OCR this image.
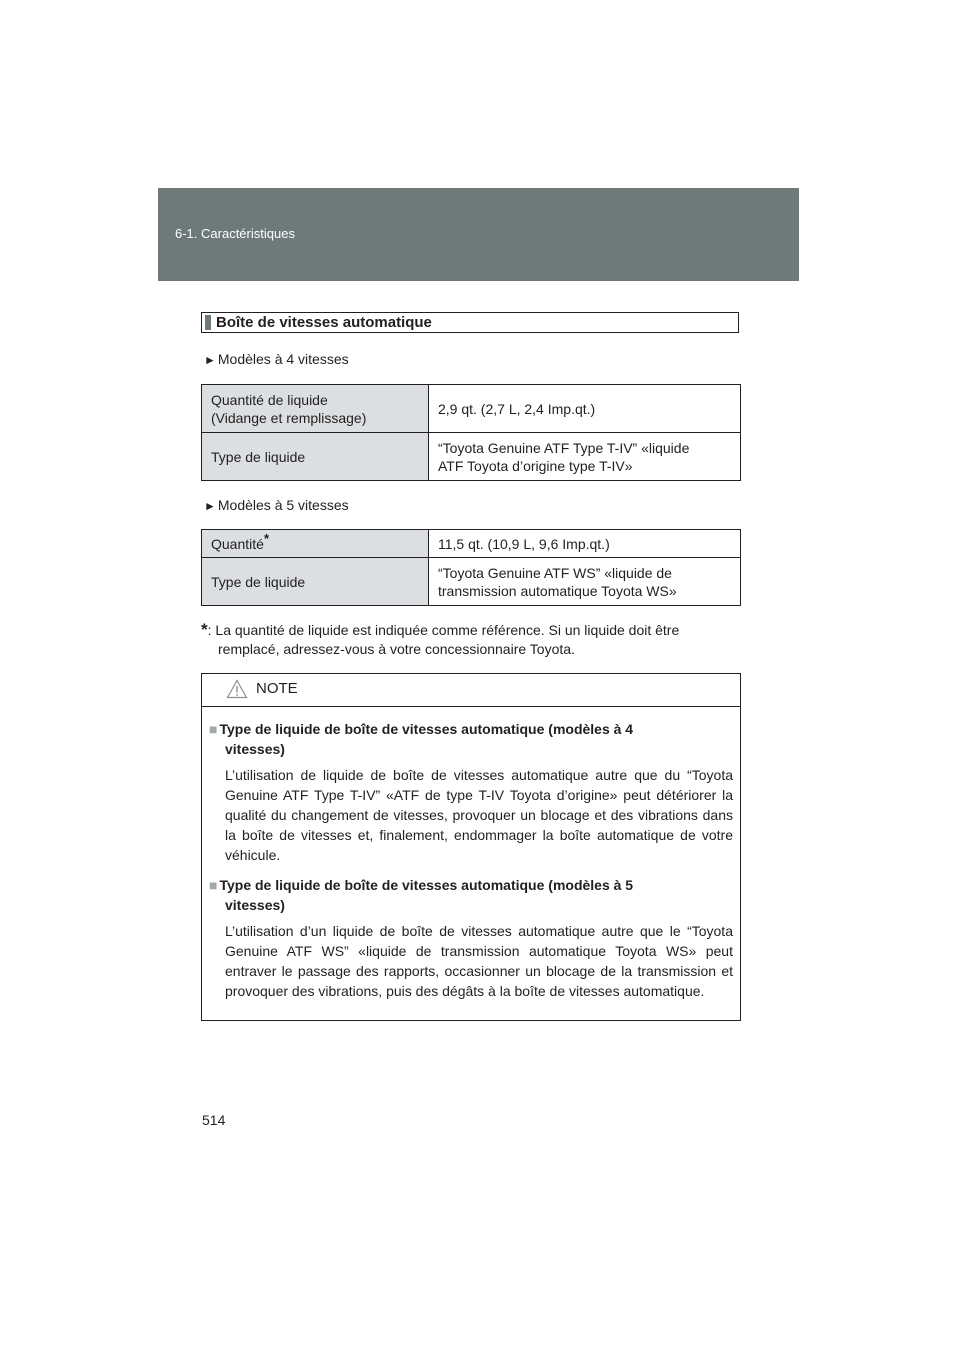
6-1. Caractéristiques
Boîte de vitesses automatique
► Modèles à 4 vitesses
Quantité de liquide
(Vidange et remplissage)	2,9 qt. (2,7 L, 2,4 Imp.qt.)
Type de liquide	“Toyota Genuine ATF Type T-IV” «liquide
ATF Toyota d’origine type T-IV»
► Modèles à 5 vitesses
Quantité*	11,5 qt. (10,9 L, 9,6 Imp.qt.)
Type de liquide	“Toyota Genuine ATF WS” «liquide de
transmission automatique Toyota WS»
*: La quantité de liquide est indiquée comme référence. Si un liquide doit être
remplacé, adressez-vous à votre concessionnaire Toyota.
NOTE
■ Type de liquide de boîte de vitesses automatique (modèles à 4
vitesses)
L’utilisation de liquide de boîte de vitesses automatique autre que du “Toyota Genuine ATF Type T-IV” «ATF de type T-IV Toyota d’origine» peut détériorer la qualité du changement de vitesses, provoquer un blocage et des vibrations dans la boîte de vitesses et, finalement, endommager la boîte automatique de votre véhicule.
■ Type de liquide de boîte de vitesses automatique (modèles à 5
vitesses)
L’utilisation d’un liquide de boîte de vitesses automatique autre que le “Toyota Genuine ATF WS” «liquide de transmission automatique Toyota WS» peut entraver le passage des rapports, occasionner un blocage de la transmission et provoquer des vibrations, puis des dégâts à la boîte de vitesses automatique.
514
